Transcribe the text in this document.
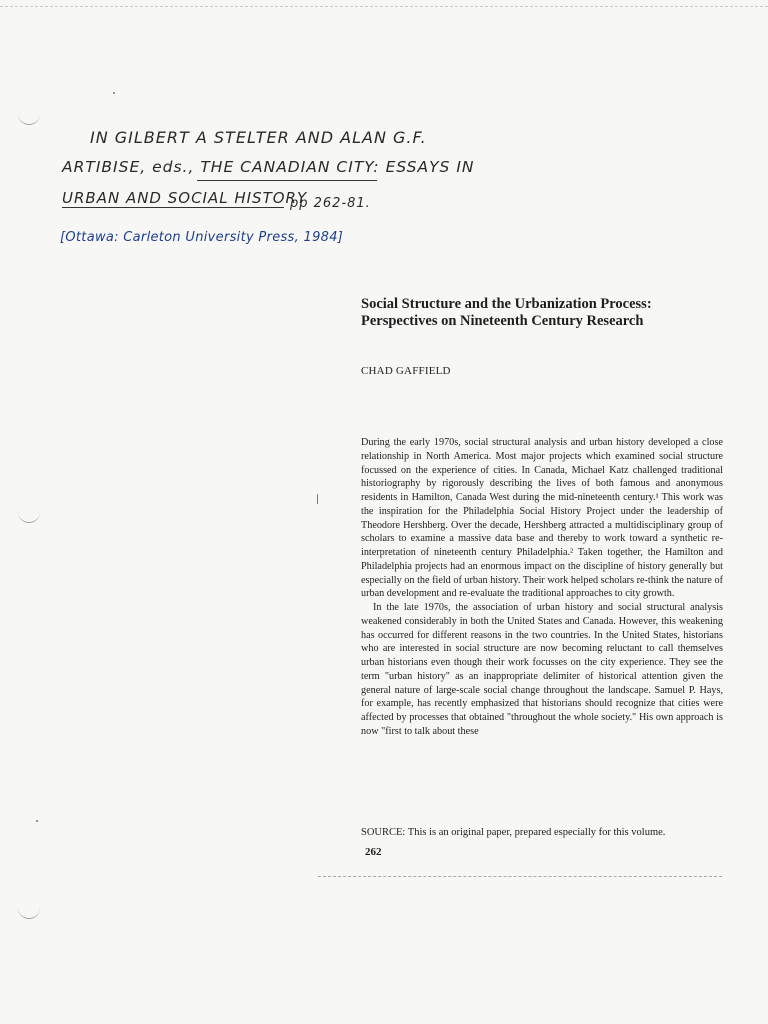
IN GILBERT A STELTER AND ALAN G.F.
ARTIBISE, eds., THE CANADIAN CITY: ESSAYS IN
URBAN AND SOCIAL HISTORY
pp 262-81.
[Ottawa: Carleton University Press, 1984]
Social Structure and the Urbanization Process:
Perspectives on Nineteenth Century Research
CHAD GAFFIELD

During the early 1970s, social structural analysis and urban history developed a close relationship in North America. Most major projects which examined social structure focussed on the experience of cities. In Canada, Michael Katz challenged traditional historiography by rigorously describing the lives of both famous and anonymous residents in Hamilton, Canada West during the mid-nineteenth century.¹ This work was the inspiration for the Philadelphia Social History Project under the leadership of Theodore Hershberg. Over the decade, Hershberg attracted a multidisciplinary group of scholars to examine a massive data base and thereby to work toward a synthetic re-interpretation of nineteenth century Philadelphia.² Taken together, the Hamilton and Philadelphia projects had an enormous impact on the discipline of history generally but especially on the field of urban history. Their work helped scholars re-think the nature of urban development and re-evaluate the traditional approaches to city growth.

In the late 1970s, the association of urban history and social structural analysis weakened considerably in both the United States and Canada. However, this weakening has occurred for different reasons in the two countries. In the United States, historians who are interested in social structure are now becoming reluctant to call themselves urban historians even though their work focusses on the city experience. They see the term "urban history" as an inappropriate delimiter of historical attention given the general nature of large-scale social change throughout the landscape. Samuel P. Hays, for example, has recently emphasized that historians should recognize that cities were affected by processes that obtained "throughout the whole society." His own approach is now "first to talk about these

SOURCE: This is an original paper, prepared especially for this volume.
262
